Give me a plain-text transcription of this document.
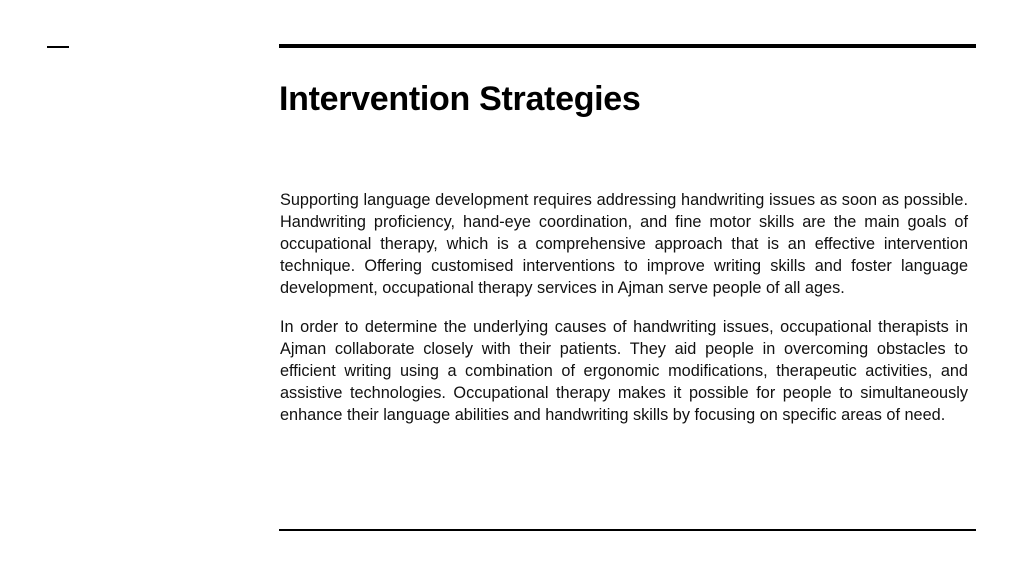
Intervention Strategies

Supporting language development requires addressing handwriting issues as soon as possible. Handwriting proficiency, hand-eye coordination, and fine motor skills are the main goals of occupational therapy, which is a comprehensive approach that is an effective intervention technique. Offering customised interventions to improve writing skills and foster language development, occupational therapy services in Ajman serve people of all ages.

In order to determine the underlying causes of handwriting issues, occupational therapists in Ajman collaborate closely with their patients. They aid people in overcoming obstacles to efficient writing using a combination of ergonomic modifications, therapeutic activities, and assistive technologies. Occupational therapy makes it possible for people to simultaneously enhance their language abilities and handwriting skills by focusing on specific areas of need.
